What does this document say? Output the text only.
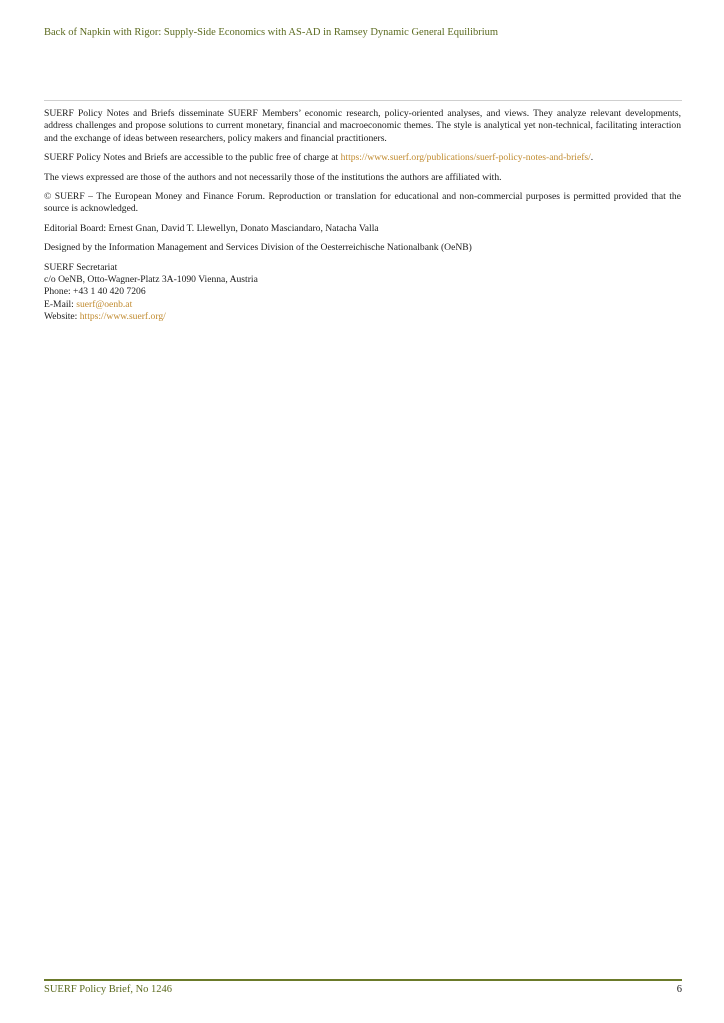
Back of Napkin with Rigor: Supply-Side Economics with AS-AD in Ramsey Dynamic General Equilibrium

SUERF Policy Notes and Briefs disseminate SUERF Members’ economic research, policy-oriented analyses, and views. They analyze relevant developments, address challenges and propose solutions to current monetary, financial and macroeconomic themes. The style is analytical yet non-technical, facilitating interaction and the exchange of ideas between researchers, policy makers and financial practitioners.

SUERF Policy Notes and Briefs are accessible to the public free of charge at https://www.suerf.org/publications/suerf-policy-notes-and-briefs/.

The views expressed are those of the authors and not necessarily those of the institutions the authors are affiliated with.

© SUERF – The European Money and Finance Forum. Reproduction or translation for educational and non-commercial purposes is permitted provided that the source is acknowledged.

Editorial Board: Ernest Gnan, David T. Llewellyn, Donato Masciandaro, Natacha Valla

Designed by the Information Management and Services Division of the Oesterreichische Nationalbank (OeNB)

SUERF Secretariat
c/o OeNB, Otto-Wagner-Platz 3A-1090 Vienna, Austria
Phone: +43 1 40 420 7206
E-Mail: suerf@oenb.at
Website: https://www.suerf.org/

SUERF Policy Brief, No 1246	6
